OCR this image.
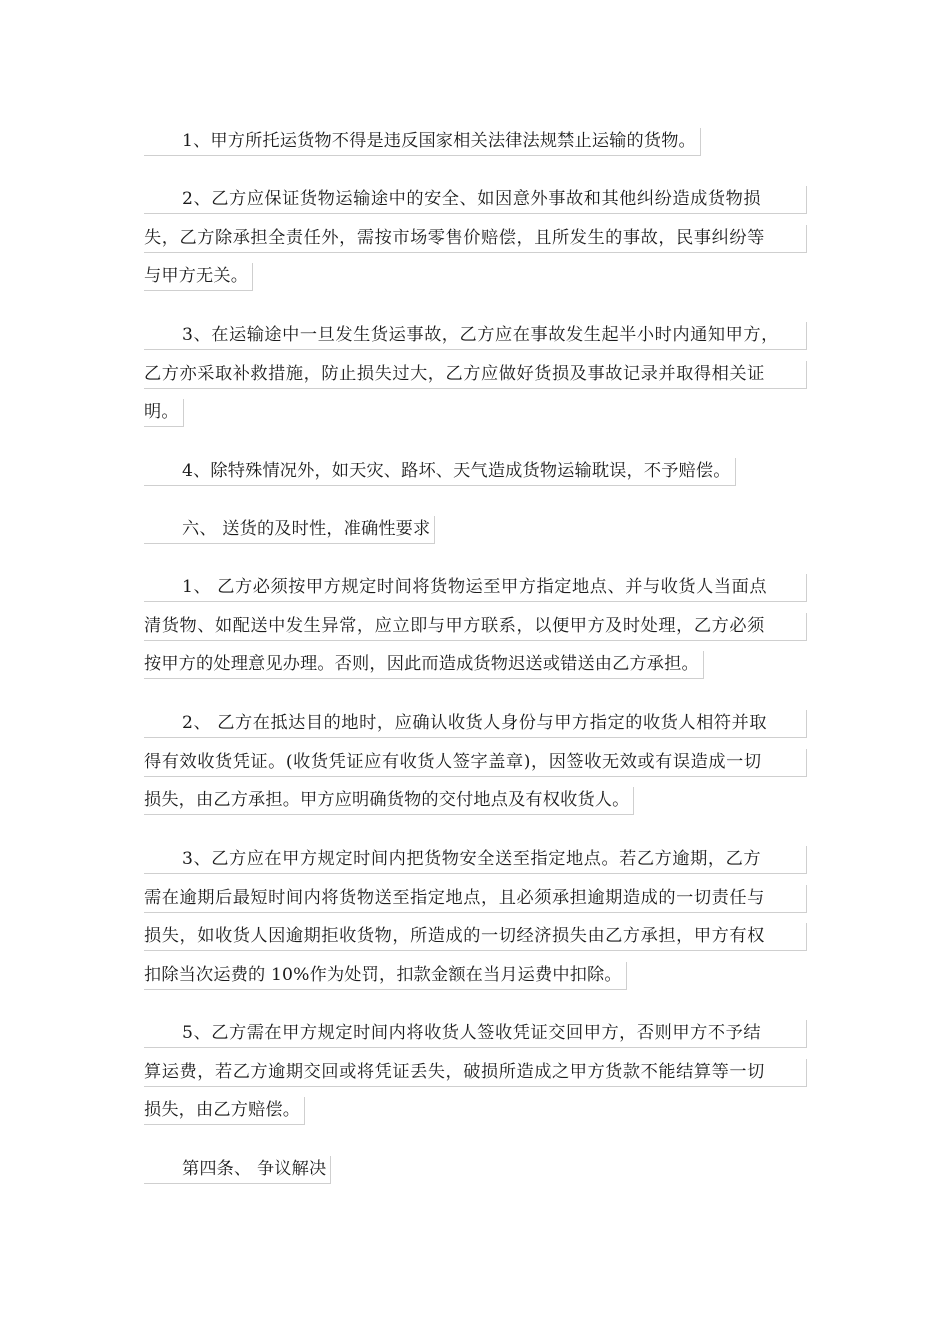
1、甲方所托运货物不得是违反国家相关法律法规禁止运输的货物。
2、乙方应保证货物运输途中的安全、如因意外事故和其他纠纷造成货物损
失，乙方除承担全责任外，需按市场零售价赔偿，且所发生的事故，民事纠纷等
与甲方无关。
3、在运输途中一旦发生货运事故，乙方应在事故发生起半小时内通知甲方，
乙方亦采取补救措施，防止损失过大，乙方应做好货损及事故记录并取得相关证
明。
4、除特殊情况外，如天灾、路坏、天气造成货物运输耽误，不予赔偿。
六、 送货的及时性，准确性要求
1、 乙方必须按甲方规定时间将货物运至甲方指定地点、并与收货人当面点
清货物、如配送中发生异常，应立即与甲方联系，以便甲方及时处理，乙方必须
按甲方的处理意见办理。否则，因此而造成货物迟送或错送由乙方承担。
2、 乙方在抵达目的地时，应确认收货人身份与甲方指定的收货人相符并取
得有效收货凭证。(收货凭证应有收货人签字盖章)，因签收无效或有误造成一切
损失，由乙方承担。甲方应明确货物的交付地点及有权收货人。
3、乙方应在甲方规定时间内把货物安全送至指定地点。若乙方逾期，乙方
需在逾期后最短时间内将货物送至指定地点，且必须承担逾期造成的一切责任与
损失，如收货人因逾期拒收货物，所造成的一切经济损失由乙方承担，甲方有权
扣除当次运费的 10%作为处罚，扣款金额在当月运费中扣除。
5、乙方需在甲方规定时间内将收货人签收凭证交回甲方，否则甲方不予结
算运费，若乙方逾期交回或将凭证丢失，破损所造成之甲方货款不能结算等一切
损失，由乙方赔偿。
第四条、 争议解决
